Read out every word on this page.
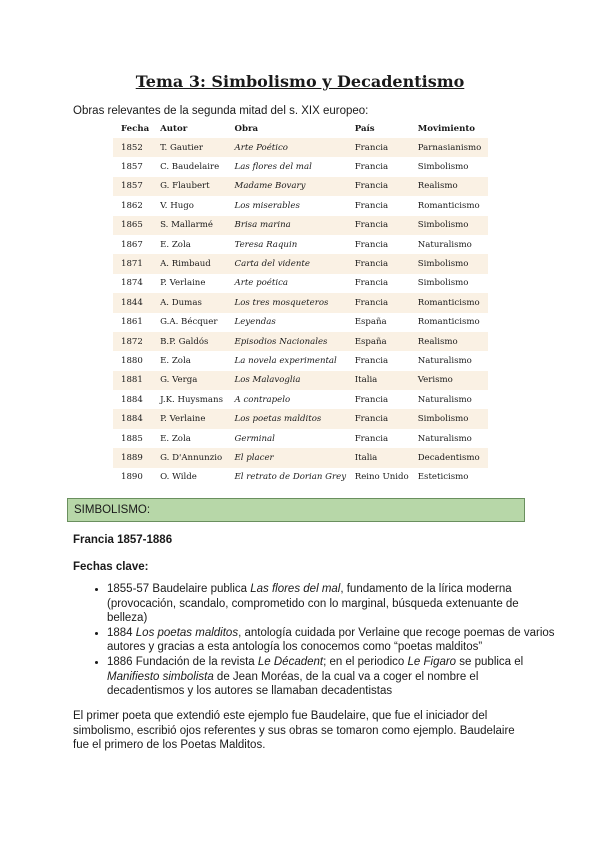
Tema 3: Simbolismo y Decadentismo

Obras relevantes de la segunda mitad del s. XIX europeo:

Fecha	Autor	Obra	País	Movimiento
1852	T. Gautier	Arte Poético	Francia	Parnasianismo
1857	C. Baudelaire	Las flores del mal	Francia	Simbolismo
1857	G. Flaubert	Madame Bovary	Francia	Realismo
1862	V. Hugo	Los miserables	Francia	Romanticismo
1865	S. Mallarmé	Brisa marina	Francia	Simbolismo
1867	E. Zola	Teresa Raquin	Francia	Naturalismo
1871	A. Rimbaud	Carta del vidente	Francia	Simbolismo
1874	P. Verlaine	Arte poética	Francia	Simbolismo
1844	A. Dumas	Los tres mosqueteros	Francia	Romanticismo
1861	G.A. Bécquer	Leyendas	España	Romanticismo
1872	B.P. Galdós	Episodios Nacionales	España	Realismo
1880	E. Zola	La novela experimental	Francia	Naturalismo
1881	G. Verga	Los Malavoglia	Italia	Verismo
1884	J.K. Huysmans	A contrapelo	Francia	Naturalismo
1884	P. Verlaine	Los poetas malditos	Francia	Simbolismo
1885	E. Zola	Germinal	Francia	Naturalismo
1889	G. D'Annunzio	El placer	Italia	Decadentismo
1890	O. Wilde	El retrato de Dorian Grey	Reino Unido	Esteticismo
SIMBOLISMO:

Francia 1857-1886

Fechas clave:

• 1855-57 Baudelaire publica Las flores del mal, fundamento de la lírica moderna (provocación, scandalo, comprometido con lo marginal, búsqueda extenuante de belleza)
• 1884 Los poetas malditos, antología cuidada por Verlaine que recoge poemas de varios autores y gracias a esta antología los conocemos como “poetas malditos”
• 1886 Fundación de la revista Le Décadent; en el periodico Le Figaro se publica el Manifiesto simbolista de Jean Moréas, de la cual va a coger el nombre el decadentismos y los autores se llamaban decadentistas

El primer poeta que extendió este ejemplo fue Baudelaire, que fue el iniciador del simbolismo, escribió ojos referentes y sus obras se tomaron como ejemplo. Baudelaire fue el primero de los Poetas Malditos.
